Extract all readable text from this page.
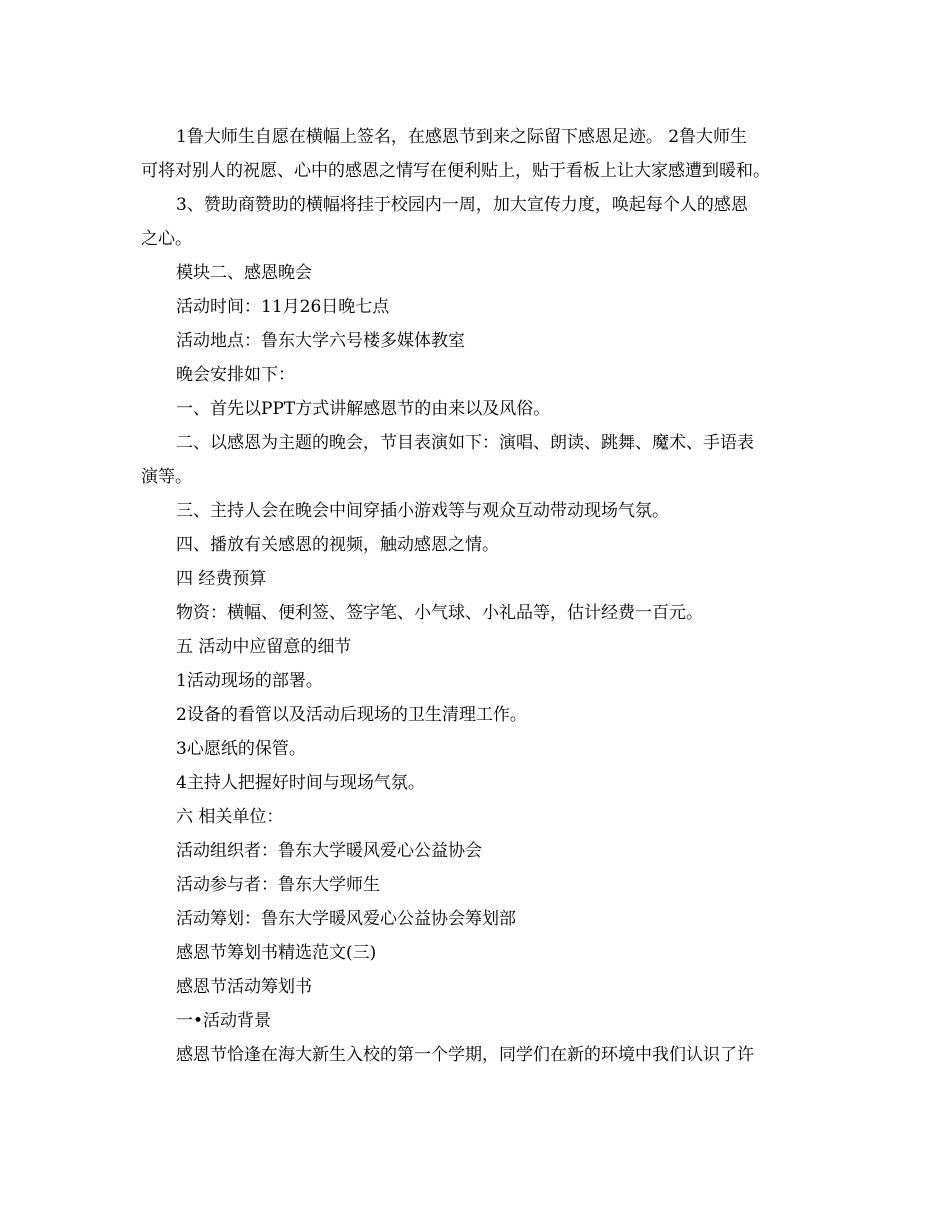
1鲁大师生自愿在横幅上签名，在感恩节到来之际留下感恩足迹。 2鲁大师生
可将对别人的祝愿、心中的感恩之情写在便利贴上，贴于看板上让大家感遭到暖和。
3、赞助商赞助的横幅将挂于校园内一周，加大宣传力度，唤起每个人的感恩
之心。
模块二、感恩晚会
活动时间：11月26日晚七点
活动地点：鲁东大学六号楼多媒体教室
晚会安排如下：
一、首先以PPT方式讲解感恩节的由来以及风俗。
二、以感恩为主题的晚会，节目表演如下：演唱、朗读、跳舞、魔术、手语表
演等。
三、主持人会在晚会中间穿插小游戏等与观众互动带动现场气氛。
四、播放有关感恩的视频，触动感恩之情。
四 经费预算
物资：横幅、便利签、签字笔、小气球、小礼品等，估计经费一百元。
五 活动中应留意的细节
1活动现场的部署。
2设备的看管以及活动后现场的卫生清理工作。
3心愿纸的保管。
4主持人把握好时间与现场气氛。
六 相关单位：
活动组织者：鲁东大学暖风爱心公益协会
活动参与者：鲁东大学师生
活动筹划：鲁东大学暖风爱心公益协会筹划部
感恩节筹划书精选范文(三)
感恩节活动筹划书
一•活动背景
感恩节恰逢在海大新生入校的第一个学期，同学们在新的环境中我们认识了许
